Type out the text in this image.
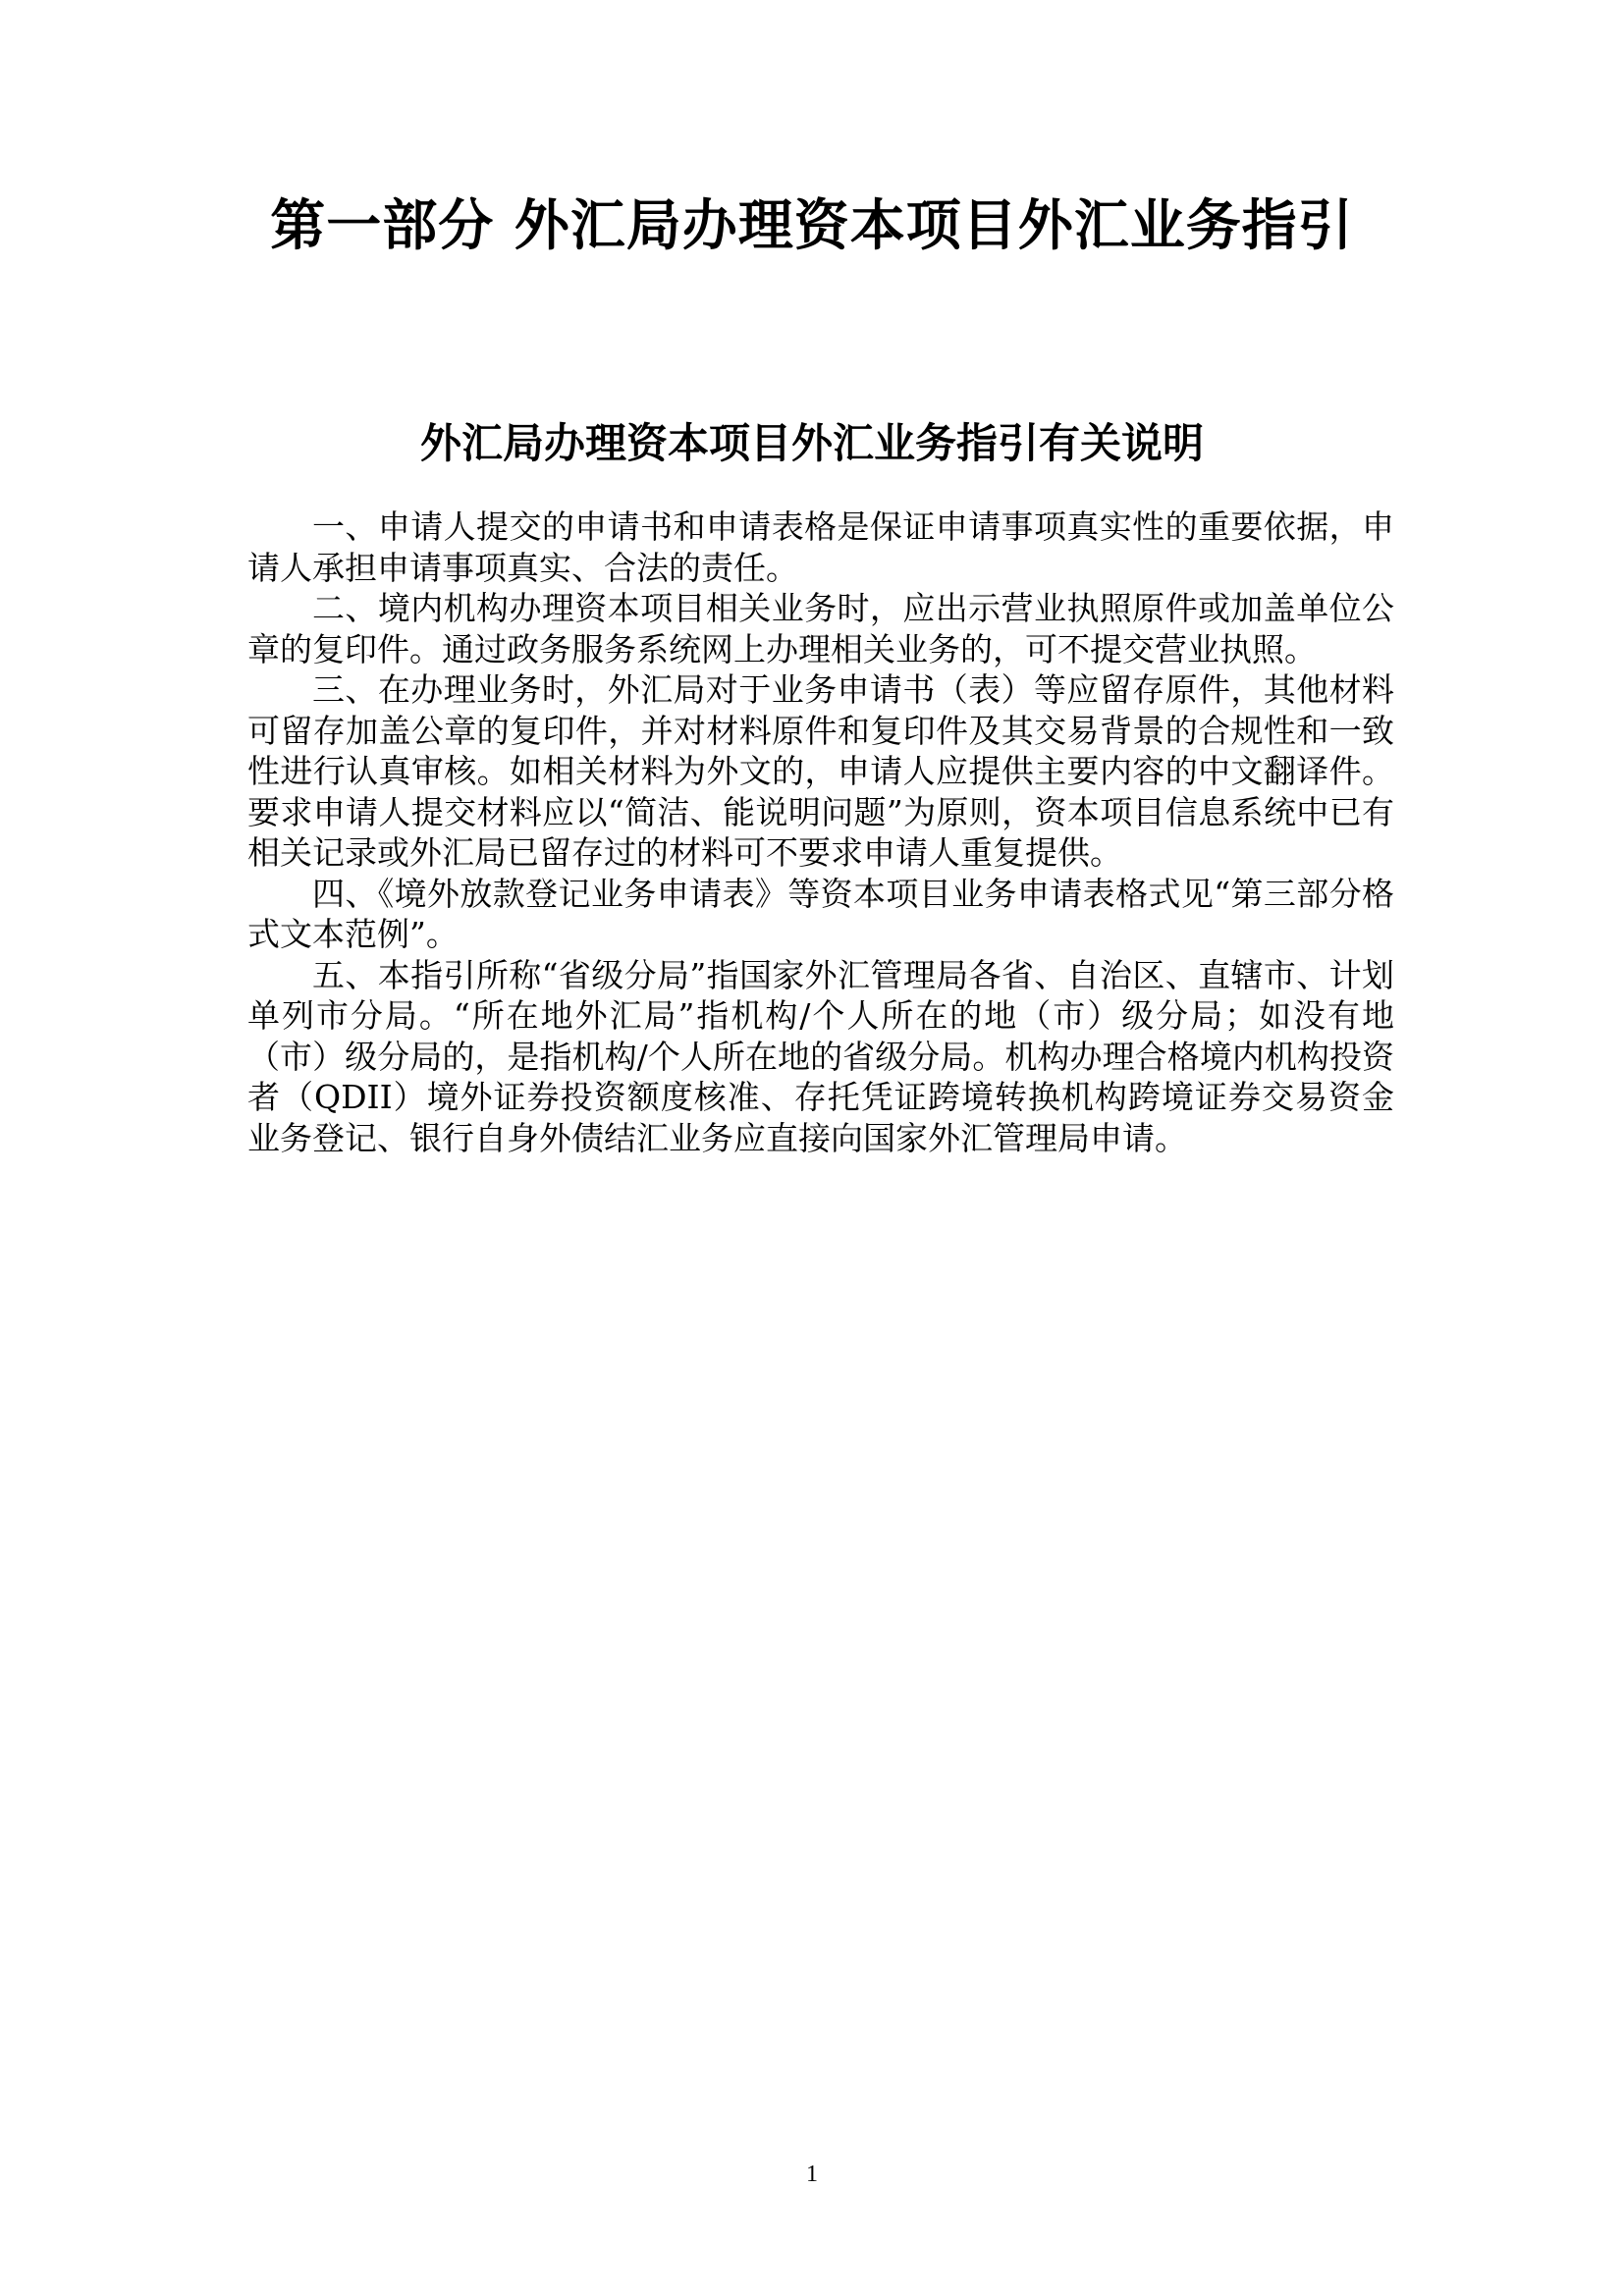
第一部分 外汇局办理资本项目外汇业务指引
外汇局办理资本项目外汇业务指引有关说明

一、申请人提交的申请书和申请表格是保证申请事项真实性的重要依据，申请人承担申请事项真实、合法的责任。

二、境内机构办理资本项目相关业务时，应出示营业执照原件或加盖单位公章的复印件。通过政务服务系统网上办理相关业务的，可不提交营业执照。

三、在办理业务时，外汇局对于业务申请书（表）等应留存原件，其他材料可留存加盖公章的复印件，并对材料原件和复印件及其交易背景的合规性和一致性进行认真审核。如相关材料为外文的，申请人应提供主要内容的中文翻译件。要求申请人提交材料应以“简洁、能说明问题”为原则，资本项目信息系统中已有相关记录或外汇局已留存过的材料可不要求申请人重复提供。

四、《境外放款登记业务申请表》等资本项目业务申请表格式见“第三部分格式文本范例”。

五、本指引所称“省级分局”指国家外汇管理局各省、自治区、直辖市、计划单列市分局。“所在地外汇局”指机构/个人所在的地（市）级分局；如没有地（市）级分局的，是指机构/个人所在地的省级分局。机构办理合格境内机构投资者（QDII）境外证券投资额度核准、存托凭证跨境转换机构跨境证券交易资金业务登记、银行自身外债结汇业务应直接向国家外汇管理局申请。

1
